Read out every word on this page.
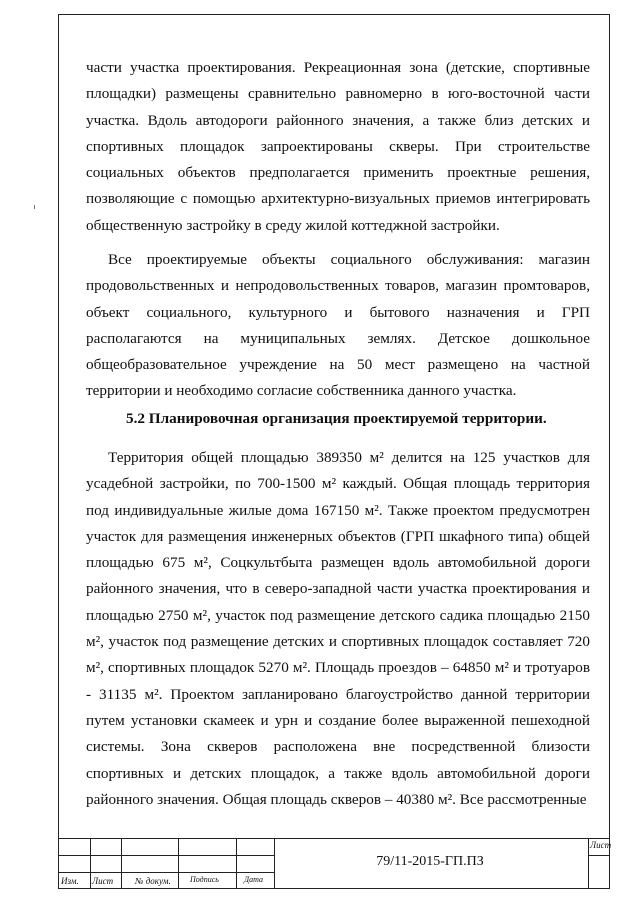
части участка проектирования. Рекреационная зона (детские, спортивные
площадки) размещены сравнительно равномерно в юго-восточной части
участка. Вдоль автодороги районного значения, а также близ детских и
спортивных площадок запроектированы скверы. При строительстве
социальных объектов предполагается применить проектные решения,
позволяющие с помощью архитектурно-визуальных приемов интегрировать
общественную застройку в среду жилой коттеджной застройки.
Все проектируемые объекты социального обслуживания: магазин
продовольственных и непродовольственных товаров, магазин промтоваров,
объект социального, культурного и бытового назначения и ГРП
располагаются на муниципальных землях. Детское дошкольное
общеобразовательное учреждение на 50 мест размещено на частной
территории и необходимо согласие собственника данного участка.
5.2 Планировочная организация проектируемой территории.
Территория общей площадью 389350 м² делится на 125 участков для
усадебной застройки, по 700-1500 м² каждый. Общая площадь территория
под индивидуальные жилые дома 167150 м². Также проектом предусмотрен
участок для размещения инженерных объектов (ГРП шкафного типа) общей
площадью 675 м², Соцкультбыта размещен вдоль автомобильной дороги
районного значения, что в северо-западной части участка проектирования и
площадью 2750 м², участок под размещение детского садика площадью 2150
м², участок под размещение детских и спортивных площадок составляет 720
м², спортивных площадок 5270 м². Площадь проездов – 64850 м² и тротуаров
- 31135 м². Проектом запланировано благоустройство данной территории
путем установки скамеек и урн и создание более выраженной пешеходной
системы. Зона скверов расположена вне посредственной близости
спортивных и детских площадок, а также вдоль автомобильной дороги
районного значения. Общая площадь скверов – 40380 м². Все рассмотренные
Изм. Лист № докум. Подпись	Дата
79/11-2015-ГП.ПЗ
Лист
